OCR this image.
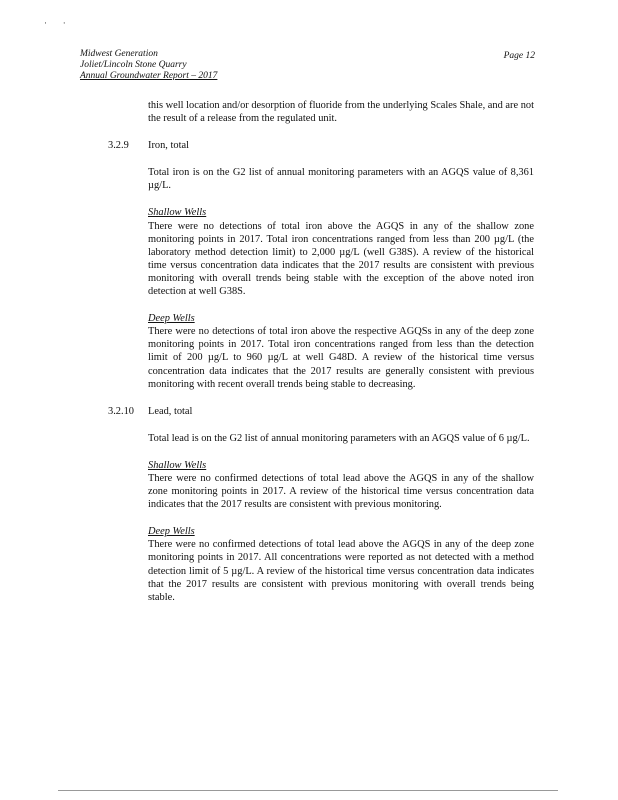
·       ·
Midwest Generation
Joliet/Lincoln Stone Quarry
Annual Groundwater Report – 2017
Page 12

this well location and/or desorption of fluoride from the underlying Scales Shale, and are not the result of a release from the regulated unit.

3.2.9	Iron, total

Total iron is on the G2 list of annual monitoring parameters with an AGQS value of 8,361 µg/L.

Shallow Wells
There were no detections of total iron above the AGQS in any of the shallow zone monitoring points in 2017. Total iron concentrations ranged from less than 200 µg/L (the laboratory method detection limit) to 2,000 µg/L (well G38S). A review of the historical time versus concentration data indicates that the 2017 results are consistent with previous monitoring with overall trends being stable with the exception of the above noted iron detection at well G38S.

Deep Wells
There were no detections of total iron above the respective AGQSs in any of the deep zone monitoring points in 2017. Total iron concentrations ranged from less than the detection limit of 200 µg/L to 960 µg/L at well G48D. A review of the historical time versus concentration data indicates that the 2017 results are generally consistent with previous monitoring with recent overall trends being stable to decreasing.

3.2.10	Lead, total

Total lead is on the G2 list of annual monitoring parameters with an AGQS value of 6 µg/L.

Shallow Wells
There were no confirmed detections of total lead above the AGQS in any of the shallow zone monitoring points in 2017. A review of the historical time versus concentration data indicates that the 2017 results are consistent with previous monitoring.

Deep Wells
There were no confirmed detections of total lead above the AGQS in any of the deep zone monitoring points in 2017. All concentrations were reported as not detected with a method detection limit of 5 µg/L. A review of the historical time versus concentration data indicates that the 2017 results are consistent with previous monitoring with overall trends being stable.
